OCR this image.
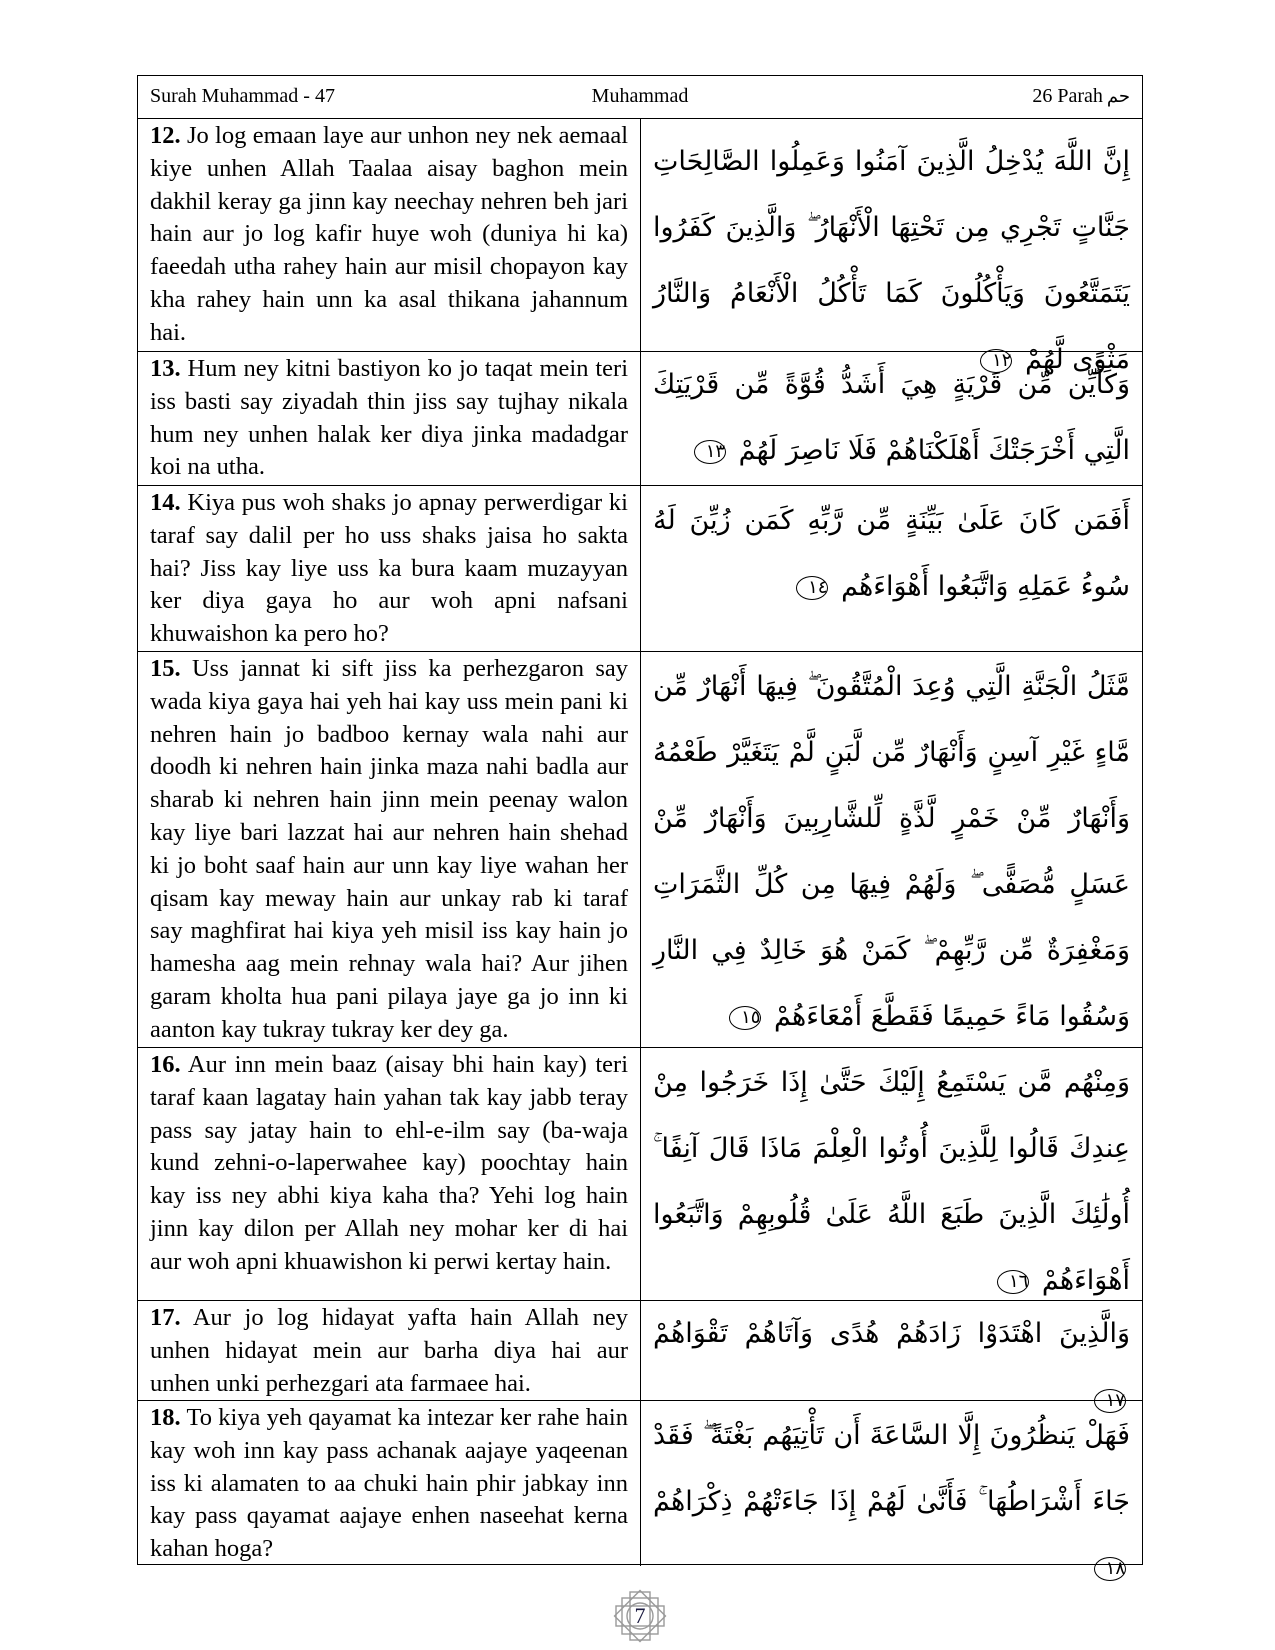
Surah Muhammad - 47	Muhammad	26 Parah حم
12. Jo log emaan laye aur unhon ney nek aemaal kiye unhen Allah Taalaa aisay baghon mein dakhil keray ga jinn kay neechay nehren beh jari hain aur jo log kafir huye woh (duniya hi ka) faeedah utha rahey hain aur misil chopayon kay kha rahey hain unn ka asal thikana jahannum hai.
إِنَّ اللَّهَ يُدْخِلُ الَّذِينَ آمَنُوا وَعَمِلُوا الصَّالِحَاتِ جَنَّاتٍ تَجْرِي مِن تَحْتِهَا الْأَنْهَارُ ۖ وَالَّذِينَ كَفَرُوا يَتَمَتَّعُونَ وَيَأْكُلُونَ كَمَا تَأْكُلُ الْأَنْعَامُ وَالنَّارُ مَثْوًى لَّهُمْ ١٢
13. Hum ney kitni bastiyon ko jo taqat mein teri iss basti say ziyadah thin jiss say tujhay nikala hum ney unhen halak ker diya jinka madadgar koi na utha.
وَكَأَيِّن مِّن قَرْيَةٍ هِيَ أَشَدُّ قُوَّةً مِّن قَرْيَتِكَ الَّتِي أَخْرَجَتْكَ أَهْلَكْنَاهُمْ فَلَا نَاصِرَ لَهُمْ ١٣
14. Kiya pus woh shaks jo apnay perwerdigar ki taraf say dalil per ho uss shaks jaisa ho sakta hai? Jiss kay liye uss ka bura kaam muzayyan ker diya gaya ho aur woh apni nafsani khuwaishon ka pero ho?
أَفَمَن كَانَ عَلَىٰ بَيِّنَةٍ مِّن رَّبِّهِ كَمَن زُيِّنَ لَهُ سُوءُ عَمَلِهِ وَاتَّبَعُوا أَهْوَاءَهُم ١٤
15. Uss jannat ki sift jiss ka perhezgaron say wada kiya gaya hai yeh hai kay uss mein pani ki nehren hain jo badboo kernay wala nahi aur doodh ki nehren hain jinka maza nahi badla aur sharab ki nehren hain jinn mein peenay walon kay liye bari lazzat hai aur nehren hain shehad ki jo boht saaf hain aur unn kay liye wahan her qisam kay meway hain aur unkay rab ki taraf say maghfirat hai kiya yeh misil iss kay hain jo hamesha aag mein rehnay wala hai? Aur jihen garam kholta hua pani pilaya jaye ga jo inn ki aanton kay tukray tukray ker dey ga.
مَّثَلُ الْجَنَّةِ الَّتِي وُعِدَ الْمُتَّقُونَ ۖ فِيهَا أَنْهَارٌ مِّن مَّاءٍ غَيْرِ آسِنٍ وَأَنْهَارٌ مِّن لَّبَنٍ لَّمْ يَتَغَيَّرْ طَعْمُهُ وَأَنْهَارٌ مِّنْ خَمْرٍ لَّذَّةٍ لِّلشَّارِبِينَ وَأَنْهَارٌ مِّنْ عَسَلٍ مُّصَفًّى ۖ وَلَهُمْ فِيهَا مِن كُلِّ الثَّمَرَاتِ وَمَغْفِرَةٌ مِّن رَّبِّهِمْ ۖ كَمَنْ هُوَ خَالِدٌ فِي النَّارِ وَسُقُوا مَاءً حَمِيمًا فَقَطَّعَ أَمْعَاءَهُمْ ١٥
16. Aur inn mein baaz (aisay bhi hain kay) teri taraf kaan lagatay hain yahan tak kay jabb teray pass say jatay hain to ehl-e-ilm say (ba-waja kund zehni-o-laperwahee kay) poochtay hain kay iss ney abhi kiya kaha tha? Yehi log hain jinn kay dilon per Allah ney mohar ker di hai aur woh apni khuawishon ki perwi kertay hain.
وَمِنْهُم مَّن يَسْتَمِعُ إِلَيْكَ حَتَّىٰ إِذَا خَرَجُوا مِنْ عِندِكَ قَالُوا لِلَّذِينَ أُوتُوا الْعِلْمَ مَاذَا قَالَ آنِفًا ۚ أُولَٰئِكَ الَّذِينَ طَبَعَ اللَّهُ عَلَىٰ قُلُوبِهِمْ وَاتَّبَعُوا أَهْوَاءَهُمْ ١٦
17. Aur jo log hidayat yafta hain Allah ney unhen hidayat mein aur barha diya hai aur unhen unki perhezgari ata farmaee hai.
وَالَّذِينَ اهْتَدَوْا زَادَهُمْ هُدًى وَآتَاهُمْ تَقْوَاهُمْ ١٧
18. To kiya yeh qayamat ka intezar ker rahe hain kay woh inn kay pass achanak aajaye yaqeenan iss ki alamaten to aa chuki hain phir jabkay inn kay pass qayamat aajaye enhen naseehat kerna kahan hoga?
فَهَلْ يَنظُرُونَ إِلَّا السَّاعَةَ أَن تَأْتِيَهُم بَغْتَةً ۖ فَقَدْ جَاءَ أَشْرَاطُهَا ۚ فَأَنَّىٰ لَهُمْ إِذَا جَاءَتْهُمْ ذِكْرَاهُمْ ١٨
7
